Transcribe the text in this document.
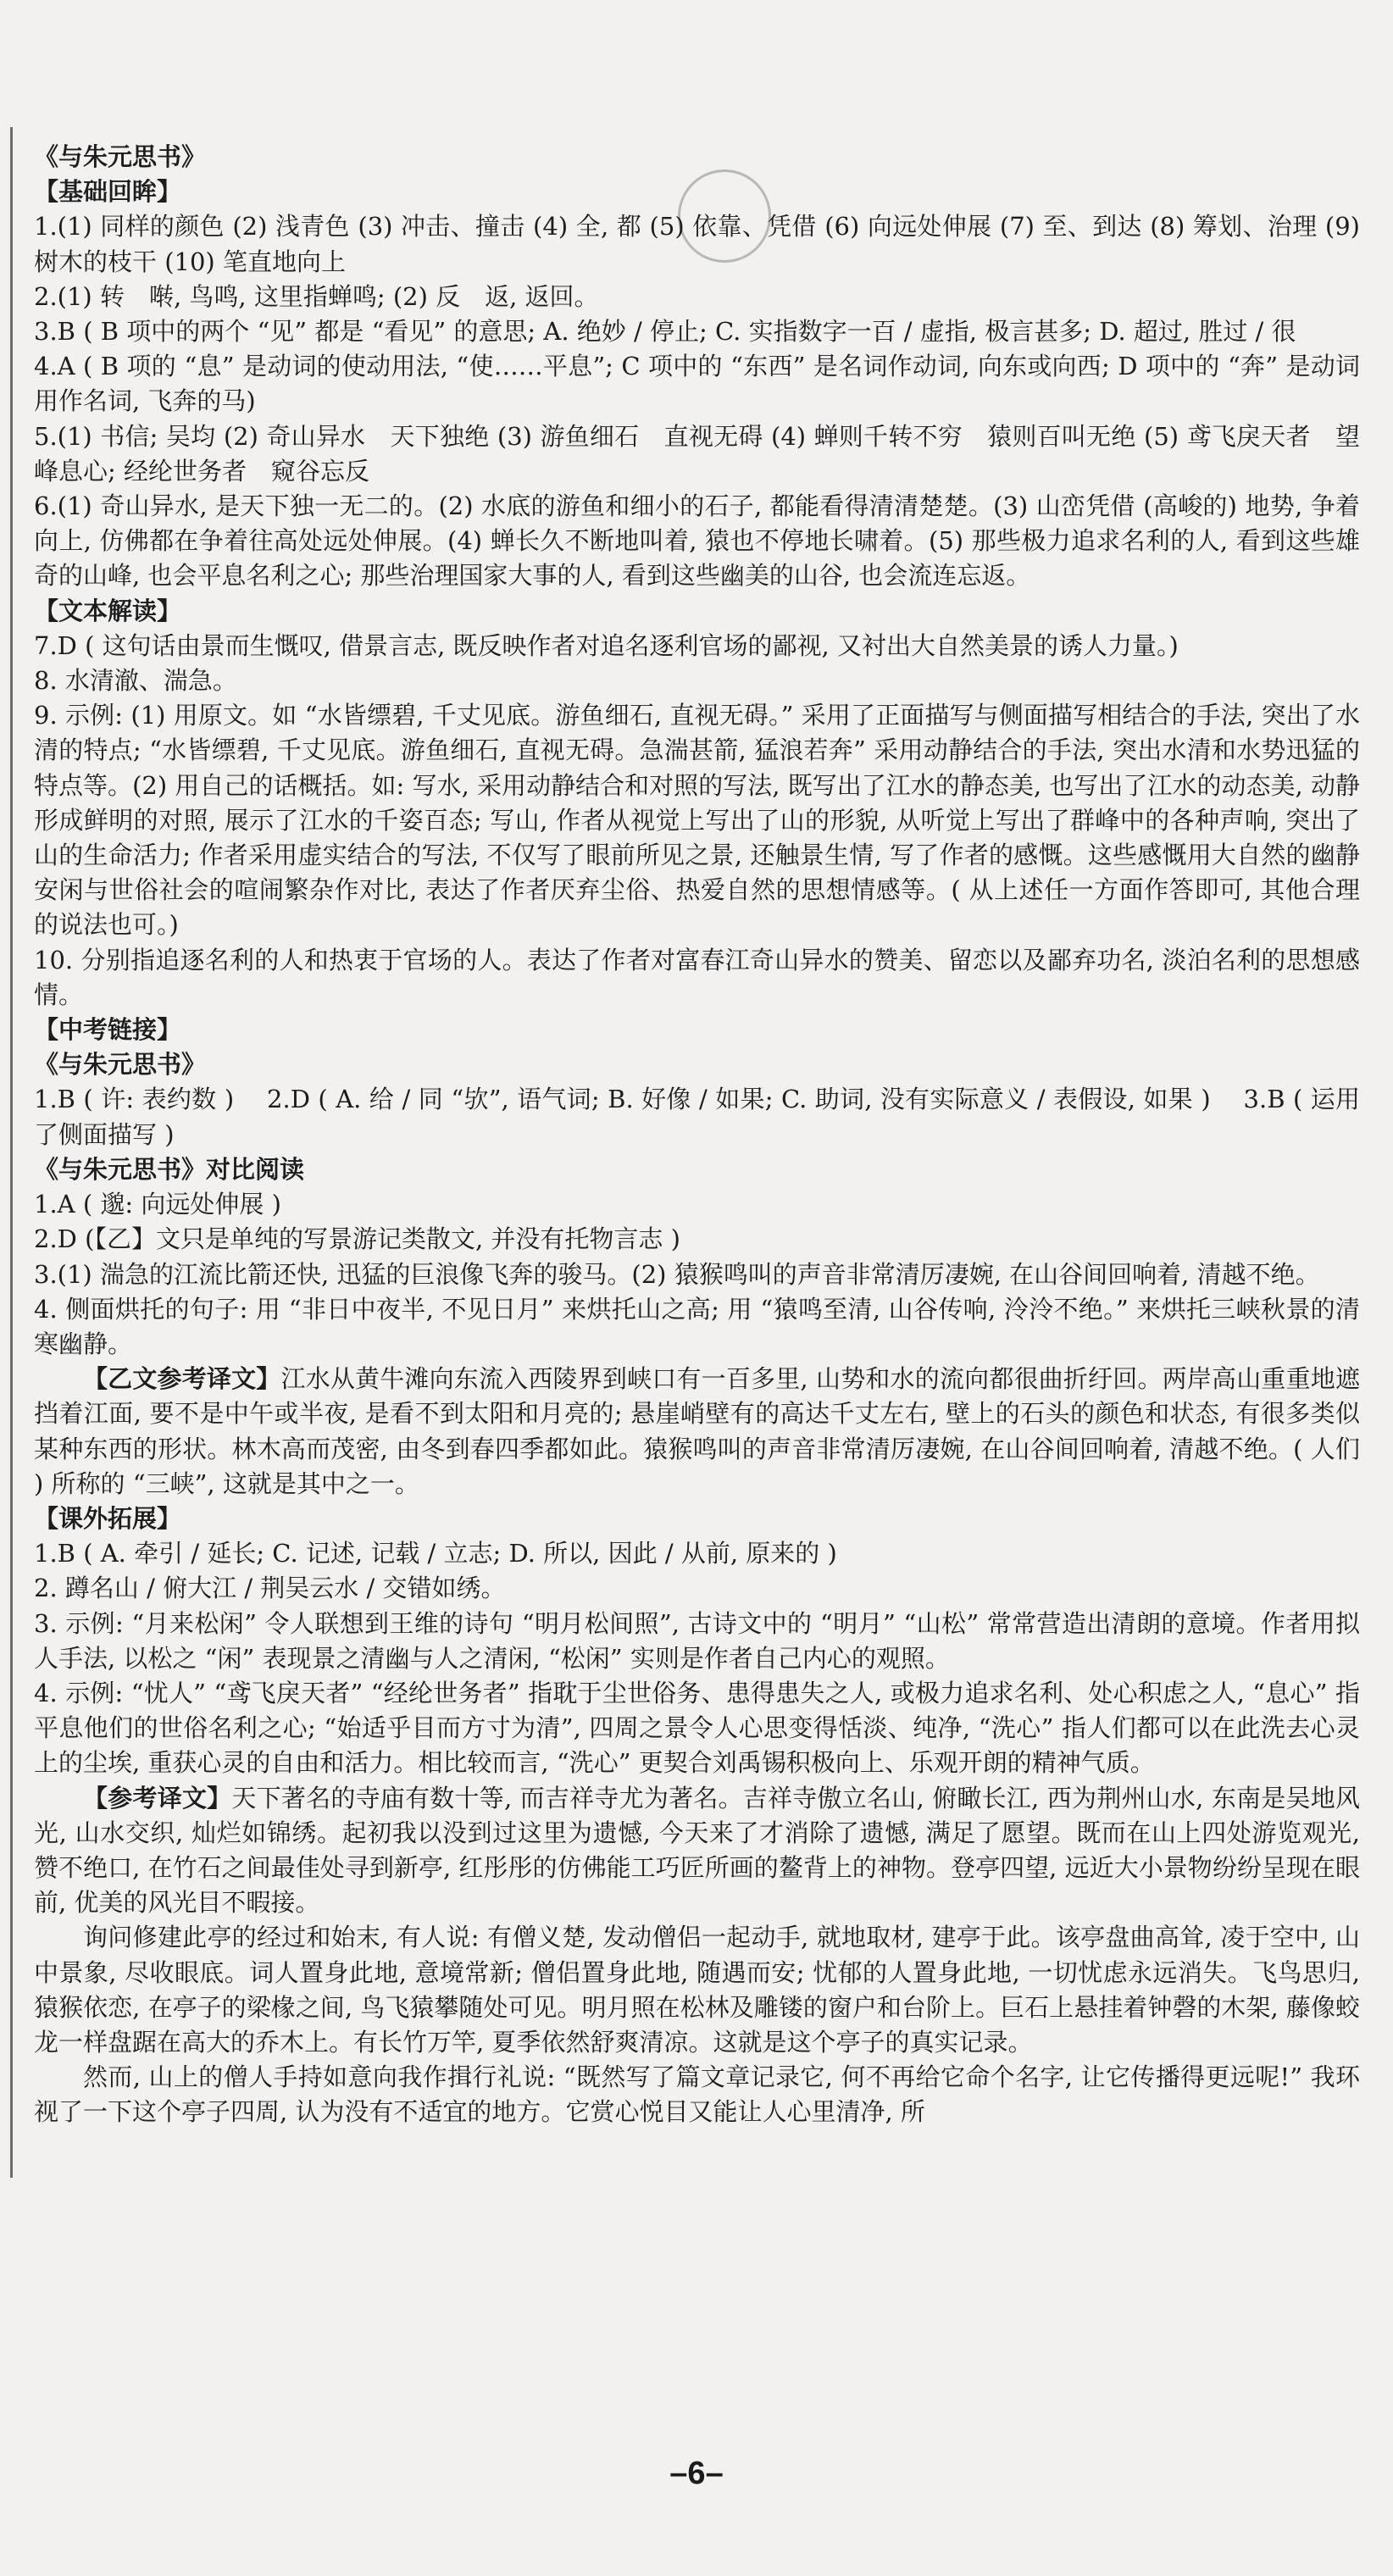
《与朱元思书》

【基础回眸】

1.(1) 同样的颜色 (2) 浅青色 (3) 冲击、撞击 (4) 全, 都 (5) 依靠、凭借 (6) 向远处伸展 (7) 至、到达 (8) 筹划、治理 (9) 树木的枝干 (10) 笔直地向上

2.(1) 转　啭, 鸟鸣, 这里指蝉鸣; (2) 反　返, 返回。

3.B ( B 项中的两个 “见” 都是 “看见” 的意思; A. 绝妙 / 停止; C. 实指数字一百 / 虚指, 极言甚多; D. 超过, 胜过 / 很

4.A ( B 项的 “息” 是动词的使动用法, “使……平息”; C 项中的 “东西” 是名词作动词, 向东或向西; D 项中的 “奔” 是动词用作名词, 飞奔的马)

5.(1) 书信; 吴均 (2) 奇山异水　天下独绝 (3) 游鱼细石　直视无碍 (4) 蝉则千转不穷　猿则百叫无绝 (5) 鸢飞戾天者　望峰息心; 经纶世务者　窥谷忘反

6.(1) 奇山异水, 是天下独一无二的。(2) 水底的游鱼和细小的石子, 都能看得清清楚楚。(3) 山峦凭借 (高峻的) 地势, 争着向上, 仿佛都在争着往高处远处伸展。(4) 蝉长久不断地叫着, 猿也不停地长啸着。(5) 那些极力追求名利的人, 看到这些雄奇的山峰, 也会平息名利之心; 那些治理国家大事的人, 看到这些幽美的山谷, 也会流连忘返。

【文本解读】

7.D ( 这句话由景而生慨叹, 借景言志, 既反映作者对追名逐利官场的鄙视, 又衬出大自然美景的诱人力量。)

8. 水清澈、湍急。

9. 示例: (1) 用原文。如 “水皆缥碧, 千丈见底。游鱼细石, 直视无碍。” 采用了正面描写与侧面描写相结合的手法, 突出了水清的特点; “水皆缥碧, 千丈见底。游鱼细石, 直视无碍。急湍甚箭, 猛浪若奔” 采用动静结合的手法, 突出水清和水势迅猛的特点等。(2) 用自己的话概括。如: 写水, 采用动静结合和对照的写法, 既写出了江水的静态美, 也写出了江水的动态美, 动静形成鲜明的对照, 展示了江水的千姿百态; 写山, 作者从视觉上写出了山的形貌, 从听觉上写出了群峰中的各种声响, 突出了山的生命活力; 作者采用虚实结合的写法, 不仅写了眼前所见之景, 还触景生情, 写了作者的感慨。这些感慨用大自然的幽静安闲与世俗社会的喧闹繁杂作对比, 表达了作者厌弃尘俗、热爱自然的思想情感等。( 从上述任一方面作答即可, 其他合理的说法也可。)

10. 分别指追逐名利的人和热衷于官场的人。表达了作者对富春江奇山异水的赞美、留恋以及鄙弃功名, 淡泊名利的思想感情。

【中考链接】

《与朱元思书》

1.B ( 许: 表约数 )　 2.D ( A. 给 / 同 “欤”, 语气词; B. 好像 / 如果; C. 助词, 没有实际意义 / 表假设, 如果 )　 3.B ( 运用了侧面描写 )

《与朱元思书》对比阅读

1.A ( 邈: 向远处伸展 )

2.D (【乙】文只是单纯的写景游记类散文, 并没有托物言志 )

3.(1) 湍急的江流比箭还快, 迅猛的巨浪像飞奔的骏马。(2) 猿猴鸣叫的声音非常清厉凄婉, 在山谷间回响着, 清越不绝。

4. 侧面烘托的句子: 用 “非日中夜半, 不见日月” 来烘托山之高; 用 “猿鸣至清, 山谷传响, 泠泠不绝。” 来烘托三峡秋景的清寒幽静。

【乙文参考译文】江水从黄牛滩向东流入西陵界到峡口有一百多里, 山势和水的流向都很曲折纡回。两岸高山重重地遮挡着江面, 要不是中午或半夜, 是看不到太阳和月亮的; 悬崖峭壁有的高达千丈左右, 壁上的石头的颜色和状态, 有很多类似某种东西的形状。林木高而茂密, 由冬到春四季都如此。猿猴鸣叫的声音非常清厉凄婉, 在山谷间回响着, 清越不绝。( 人们 ) 所称的 “三峡”, 这就是其中之一。

【课外拓展】

1.B ( A. 牵引 / 延长; C. 记述, 记载 / 立志; D. 所以, 因此 / 从前, 原来的 )

2. 蹲名山 / 俯大江 / 荆吴云水 / 交错如绣。

3. 示例: “月来松闲” 令人联想到王维的诗句 “明月松间照”, 古诗文中的 “明月” “山松” 常常营造出清朗的意境。作者用拟人手法, 以松之 “闲” 表现景之清幽与人之清闲, “松闲” 实则是作者自己内心的观照。

4. 示例: “忧人” “鸢飞戾天者” “经纶世务者” 指耽于尘世俗务、患得患失之人, 或极力追求名利、处心积虑之人, “息心” 指平息他们的世俗名利之心; “始适乎目而方寸为清”, 四周之景令人心思变得恬淡、纯净, “洗心” 指人们都可以在此洗去心灵上的尘埃, 重获心灵的自由和活力。相比较而言, “洗心” 更契合刘禹锡积极向上、乐观开朗的精神气质。

【参考译文】天下著名的寺庙有数十等, 而吉祥寺尤为著名。吉祥寺傲立名山, 俯瞰长江, 西为荆州山水, 东南是吴地风光, 山水交织, 灿烂如锦绣。起初我以没到过这里为遗憾, 今天来了才消除了遗憾, 满足了愿望。既而在山上四处游览观光, 赞不绝口, 在竹石之间最佳处寻到新亭, 红彤彤的仿佛能工巧匠所画的鳌背上的神物。登亭四望, 远近大小景物纷纷呈现在眼前, 优美的风光目不暇接。

询问修建此亭的经过和始末, 有人说: 有僧义楚, 发动僧侣一起动手, 就地取材, 建亭于此。该亭盘曲高耸, 凌于空中, 山中景象, 尽收眼底。词人置身此地, 意境常新; 僧侣置身此地, 随遇而安; 忧郁的人置身此地, 一切忧虑永远消失。飞鸟思归, 猿猴依恋, 在亭子的梁椽之间, 鸟飞猿攀随处可见。明月照在松林及雕镂的窗户和台阶上。巨石上悬挂着钟磬的木架, 藤像蛟龙一样盘踞在高大的乔木上。有长竹万竿, 夏季依然舒爽清凉。这就是这个亭子的真实记录。

然而, 山上的僧人手持如意向我作揖行礼说: “既然写了篇文章记录它, 何不再给它命个名字, 让它传播得更远呢!” 我环视了一下这个亭子四周, 认为没有不适宜的地方。它赏心悦目又能让人心里清净, 所

–6–
